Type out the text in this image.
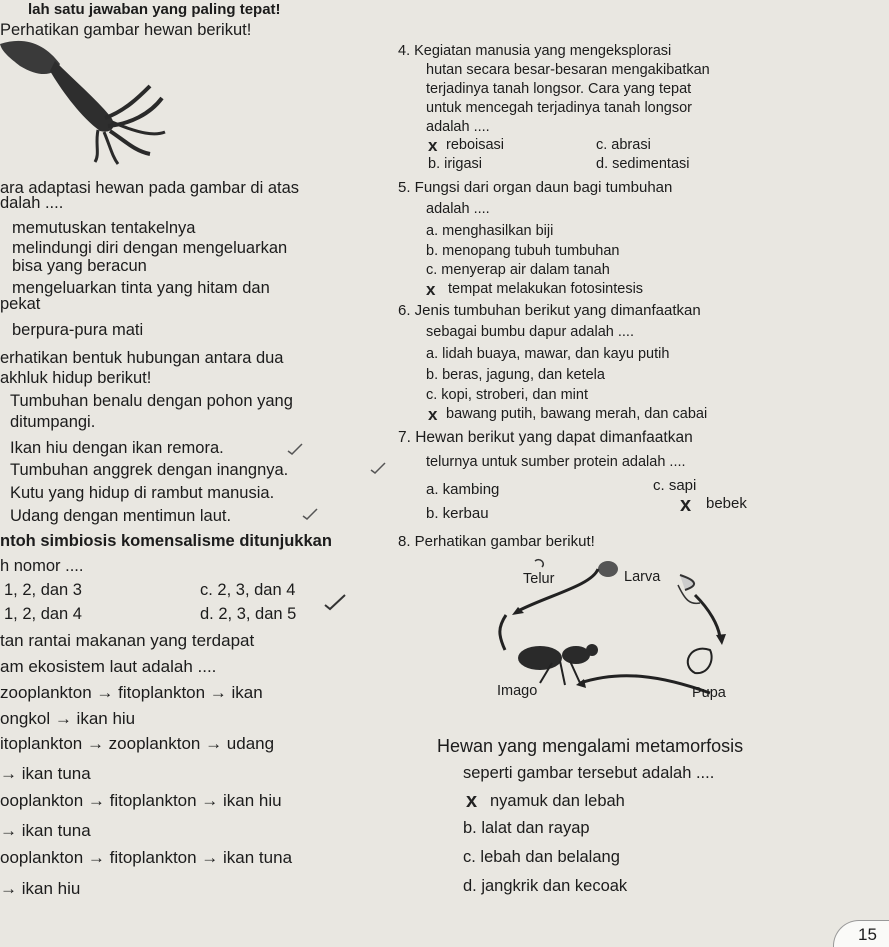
lah satu jawaban yang paling tepat!
Perhatikan gambar hewan berikut!
ara adaptasi hewan pada gambar di atas
dalah ....
memutuskan tentakelnya
melindungi diri dengan mengeluarkan
bisa yang beracun
mengeluarkan tinta yang hitam dan
pekat
berpura-pura mati
erhatikan bentuk hubungan antara dua
akhluk hidup berikut!
Tumbuhan benalu dengan pohon yang
ditumpangi.
Ikan hiu dengan ikan remora.
Tumbuhan anggrek dengan inangnya.
Kutu yang hidup di rambut manusia.
Udang dengan mentimun laut.
ntoh simbiosis komensalisme ditunjukkan
h nomor ....
1, 2, dan 3	c. 2, 3, dan 4
1, 2, dan 4	d. 2, 3, dan 5
tan rantai makanan yang terdapat
am ekosistem laut adalah ....
zooplankton → fitoplankton → ikan
ongkol → ikan hiu
itoplankton → zooplankton → udang
→ ikan tuna
ooplankton → fitoplankton → ikan hiu
→ ikan tuna
ooplankton → fitoplankton → ikan tuna
→ ikan hiu
4. Kegiatan manusia yang mengeksplorasi
hutan secara besar-besaran mengakibatkan
terjadinya tanah longsor. Cara yang tepat
untuk mencegah terjadinya tanah longsor
adalah ....
x reboisasi	c. abrasi
b. irigasi	d. sedimentasi
5. Fungsi dari organ daun bagi tumbuhan
adalah ....
a. menghasilkan biji
b. menopang tubuh tumbuhan
c. menyerap air dalam tanah
x tempat melakukan fotosintesis
6. Jenis tumbuhan berikut yang dimanfaatkan
sebagai bumbu dapur adalah ....
a. lidah buaya, mawar, dan kayu putih
b. beras, jagung, dan ketela
c. kopi, stroberi, dan mint
x bawang putih, bawang merah, dan cabai
7. Hewan berikut yang dapat dimanfaatkan
telurnya untuk sumber protein adalah ....
a. kambing	c. sapi
b. kerbau	x bebek
8. Perhatikan gambar berikut!
Telur	Larva
Imago	Pupa
Hewan yang mengalami metamorfosis
seperti gambar tersebut adalah ....
x nyamuk dan lebah
b. lalat dan rayap
c. lebah dan belalang
d. jangkrik dan kecoak
15
